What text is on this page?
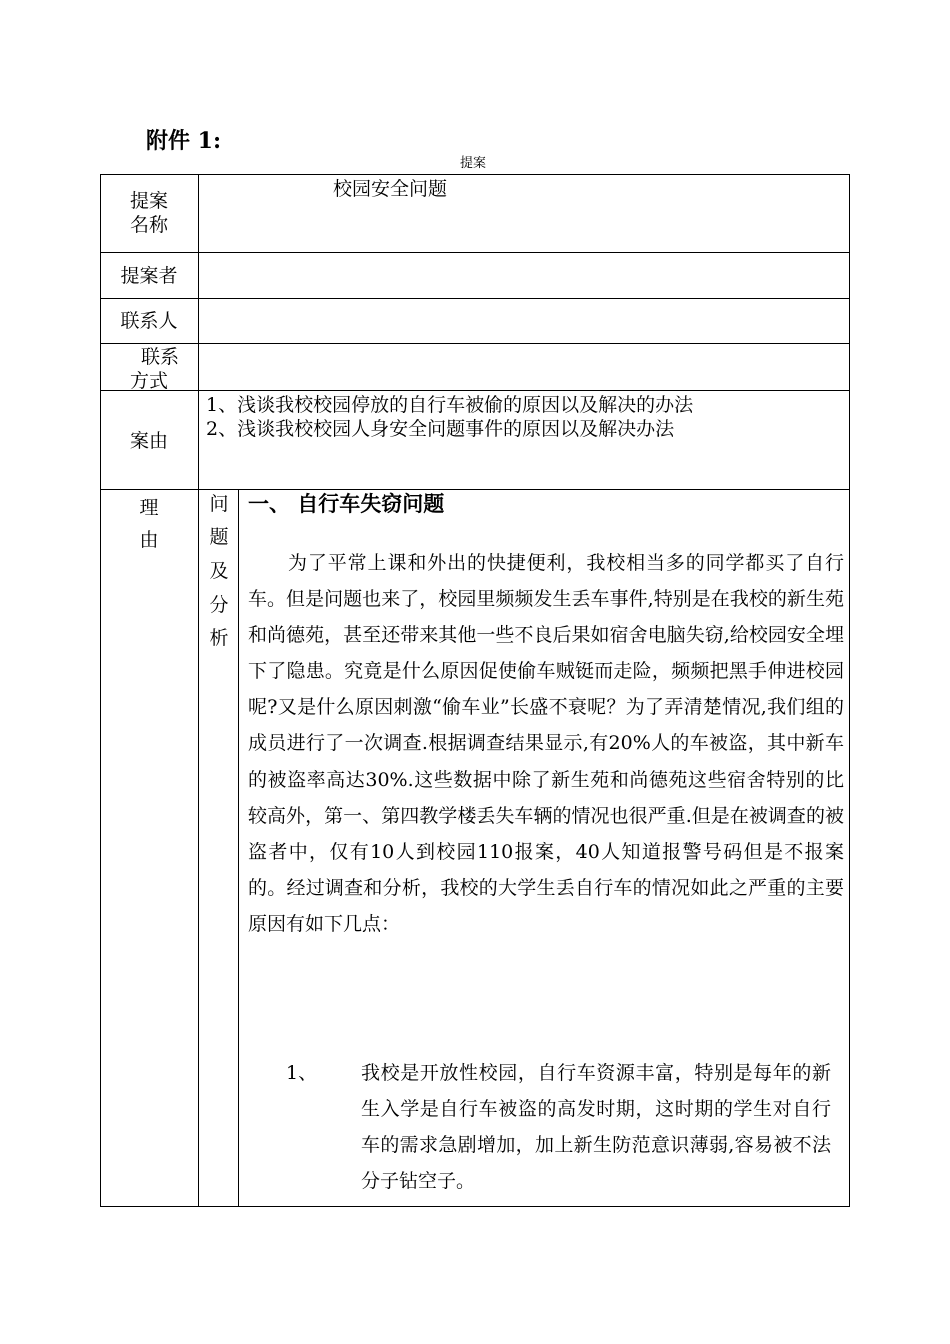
附件 1:
提案
提案
名称
校园安全问题
提案者
联系人
联系
方式
案由
1、浅谈我校校园停放的自行车被偷的原因以及解决的办法
2、浅谈我校校园人身安全问题事件的原因以及解决办法
理
由
问
题
及
分
析
一、 自行车失窃问题
为了平常上课和外出的快捷便利，我校相当多的同学都买了自行车。但是问题也来了，校园里频频发生丢车事件,特别是在我校的新生苑和尚德苑，甚至还带来其他一些不良后果如宿舍电脑失窃,给校园安全埋下了隐患。究竟是什么原因促使偷车贼铤而走险，频频把黑手伸进校园呢?又是什么原因刺激“偷车业”长盛不衰呢？为了弄清楚情况,我们组的成员进行了一次调查.根据调查结果显示,有20%人的车被盗，其中新车的被盗率高达30%.这些数据中除了新生苑和尚德苑这些宿舍特别的比较高外，第一、第四教学楼丢失车辆的情况也很严重.但是在被调查的被盗者中，仅有10人到校园110报案，40人知道报警号码但是不报案的。经过调查和分析，我校的大学生丢自行车的情况如此之严重的主要原因有如下几点：
1、 我校是开放性校园，自行车资源丰富，特别是每年的新生入学是自行车被盗的高发时期，这时期的学生对自行车的需求急剧增加，加上新生防范意识薄弱,容易被不法分子钻空子。
